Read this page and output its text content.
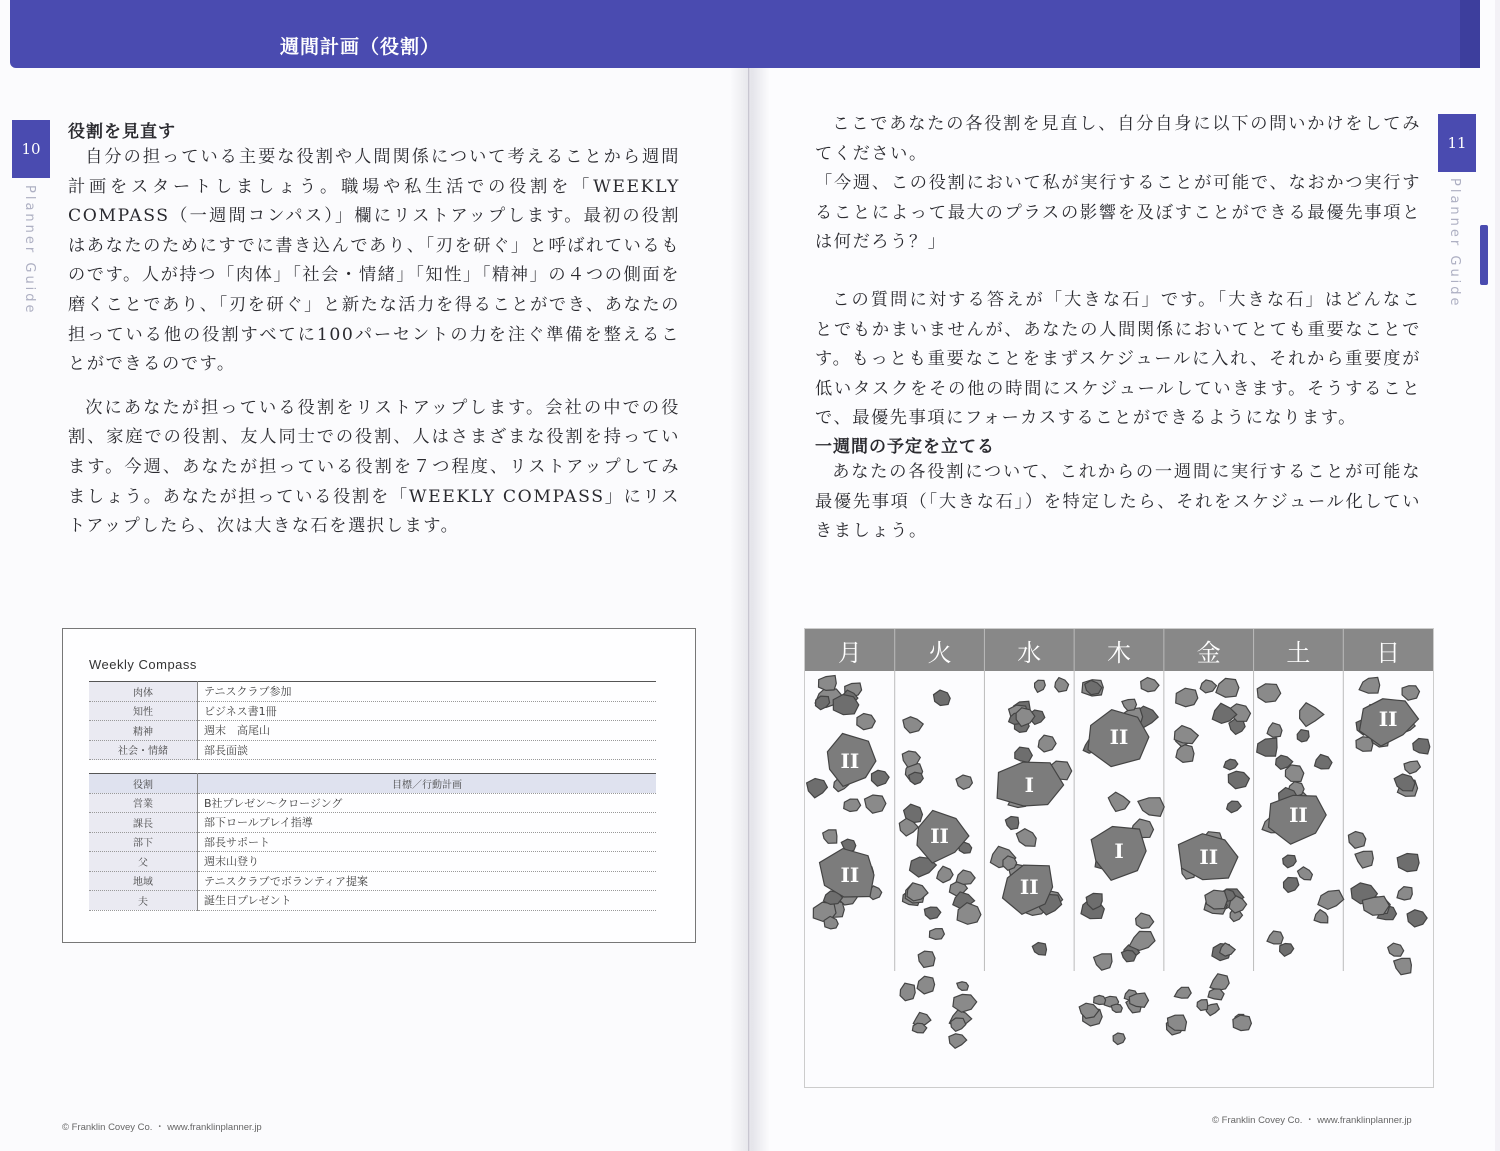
週間計画（役割）
10	11
Planner Guide	Planner Guide
役割を見直す

自分の担っている主要な役割や人間関係について考えることから週間計画をスタートしましょう。職場や私生活での役割を「WEEKLY COMPASS（一週間コンパス）」欄にリストアップします。最初の役割はあなたのためにすでに書き込んであり、「刃を研ぐ」と呼ばれているものです。人が持つ「肉体」「社会・情緒」「知性」「精神」の４つの側面を磨くことであり、「刃を研ぐ」と新たな活力を得ることができ、あなたの担っている他の役割すべてに100パーセントの力を注ぐ準備を整えることができるのです。

次にあなたが担っている役割をリストアップします。会社の中での役割、家庭での役割、友人同士での役割、人はさまざまな役割を持っています。今週、あなたが担っている役割を７つ程度、リストアップしてみましょう。あなたが担っている役割を「WEEKLY COMPASS」にリストアップしたら、次は大きな石を選択します。

Weekly Compass
肉体	テニスクラブ参加
知性	ビジネス書1冊
精神	週末　高尾山
社会・情緒	部長面談
役割	目標／行動計画
営業	B社プレゼン〜クロージング
課長	部下ロールプレイ指導
部下	部長サポート
父	週末山登り
地域	テニスクラブでボランティア提案
夫	誕生日プレゼント
© Franklin Covey Co. ・ www.franklinplanner.jp

ここであなたの各役割を見直し、自分自身に以下の問いかけをしてみてください。

「今週、この役割において私が実行することが可能で、なおかつ実行することによって最大のプラスの影響を及ぼすことができる最優先事項とは何だろう？」

この質問に対する答えが「大きな石」です。「大きな石」はどんなことでもかまいませんが、あなたの人間関係においてとても重要なことです。もっとも重要なことをまずスケジュールに入れ、それから重要度が低いタスクをその他の時間にスケジュールしていきます。そうすることで、最優先事項にフォーカスすることができるようになります。

一週間の予定を立てる

あなたの各役割について、これからの一週間に実行することが可能な最優先事項（「大きな石」）を特定したら、それをスケジュール化していきましょう。

月	火	水	木	金	土	日
II
II
II
I
II
II
I	II
II
II
© Franklin Covey Co. ・ www.franklinplanner.jp
